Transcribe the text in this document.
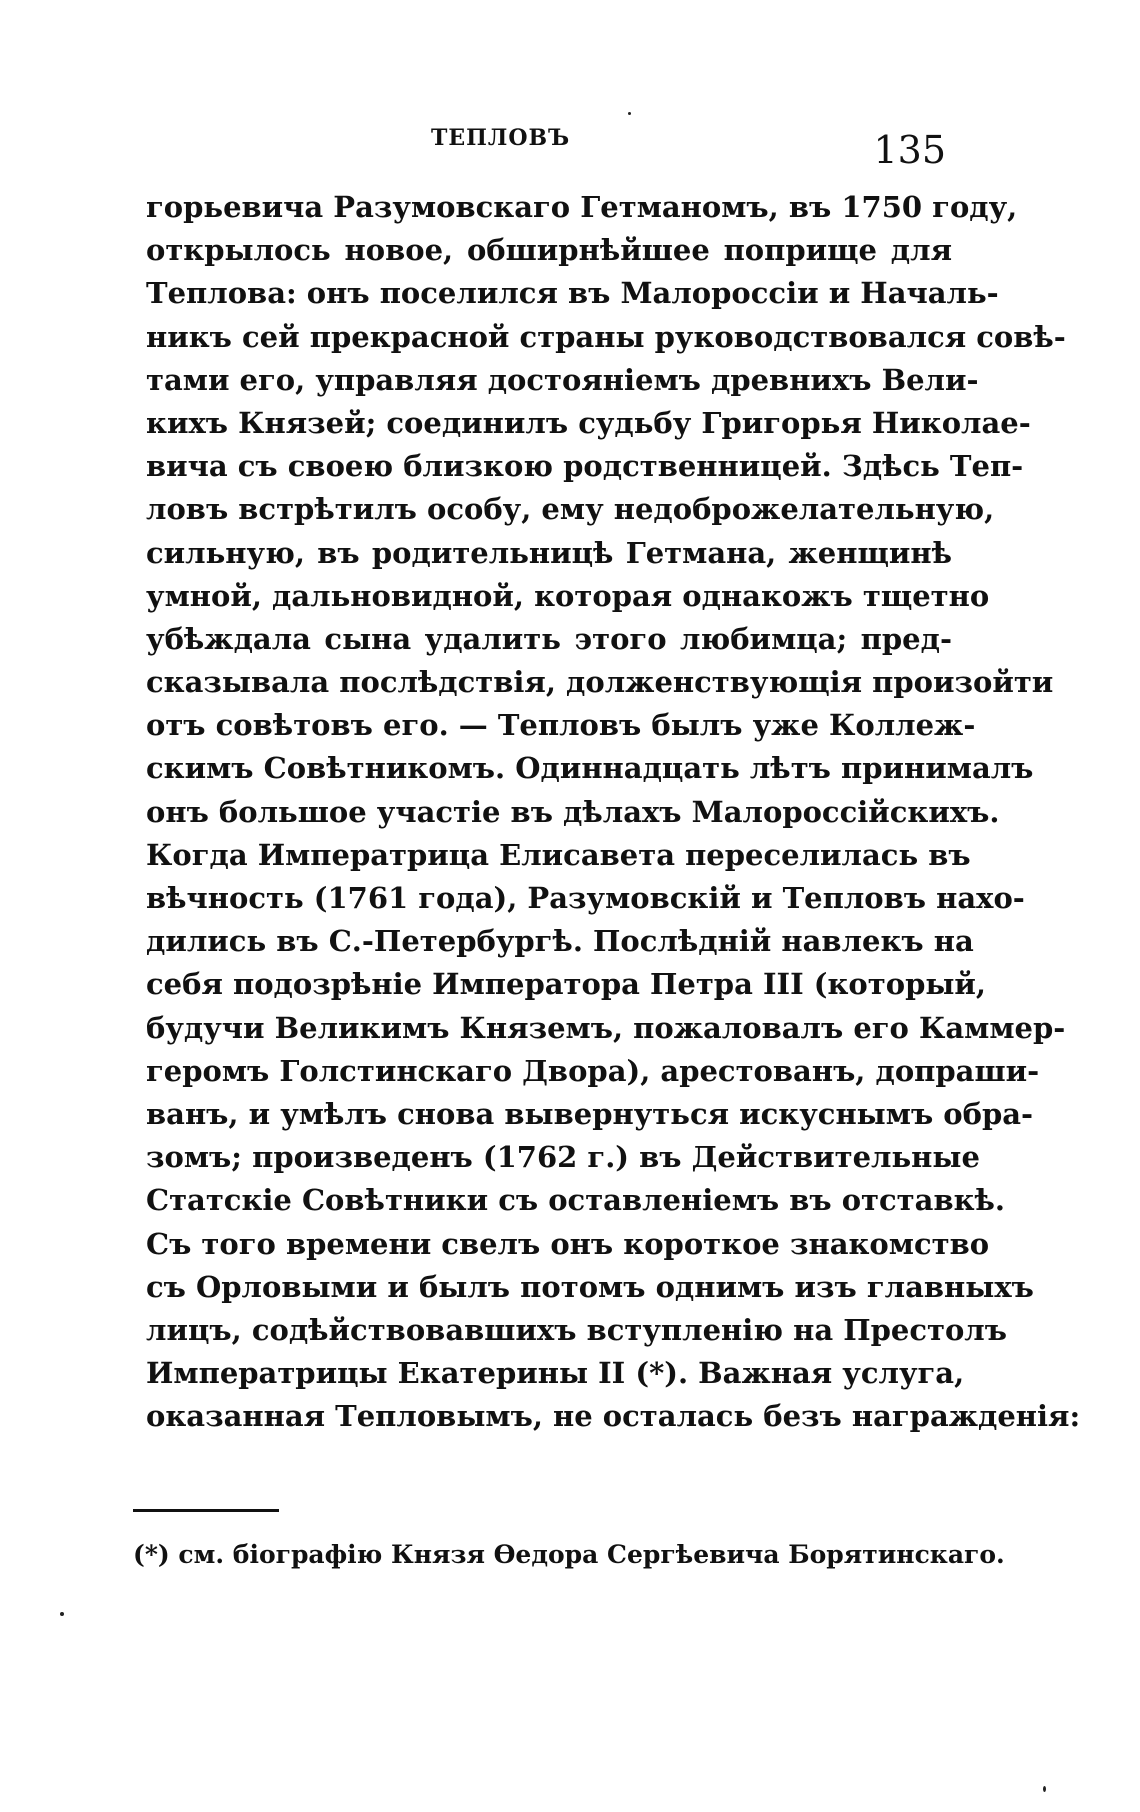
ТЕПЛОВЪ	135
горьевича Разумовскаго Гетманомъ, въ 1750 году,
открылось новое, обширнѣйшее поприще для
Теплова: онъ поселился въ Малороссіи и Началь-
никъ сей прекрасной страны руководствовался совѣ-
тами его, управляя достояніемъ древнихъ Вели-
кихъ Князей; соединилъ судьбу Григорья Николае-
вича съ своею близкою родственницей. Здѣсь Теп-
ловъ встрѣтилъ особу, ему недоброжелательную,
сильную, въ родительницѣ Гетмана, женщинѣ
умной, дальновидной, которая однакожъ тщетно
убѣждала сына удалить этого любимца; пред-
сказывала послѣдствія, долженствующія произойти
отъ совѣтовъ его. — Тепловъ былъ уже Коллеж-
скимъ Совѣтникомъ. Одиннадцать лѣтъ принималъ
онъ большое участіе въ дѣлахъ Малороссійскихъ.
Когда Императрица Елисавета переселилась въ
вѣчность (1761 года), Разумовскій и Тепловъ нахо-
дились въ С.-Петербургѣ. Послѣдній навлекъ на
себя подозрѣніе Императора Петра III (который,
будучи Великимъ Княземъ, пожаловалъ его Каммер-
геромъ Голстинскаго Двора), арестованъ, допраши-
ванъ, и умѣлъ снова вывернуться искуснымъ обра-
зомъ; произведенъ (1762 г.) въ Действительные
Статскіе Совѣтники съ оставленіемъ въ отставкѣ.
Съ того времени свелъ онъ короткое знакомство
съ Орловыми и былъ потомъ однимъ изъ главныхъ
лицъ, содѣйствовавшихъ вступленію на Престолъ
Императрицы Екатерины II (*). Важная услуга,
оказанная Тепловымъ, не осталась безъ награжденія:
(*) см. біографію Князя Ѳедора Сергѣевича Борятинскаго.
